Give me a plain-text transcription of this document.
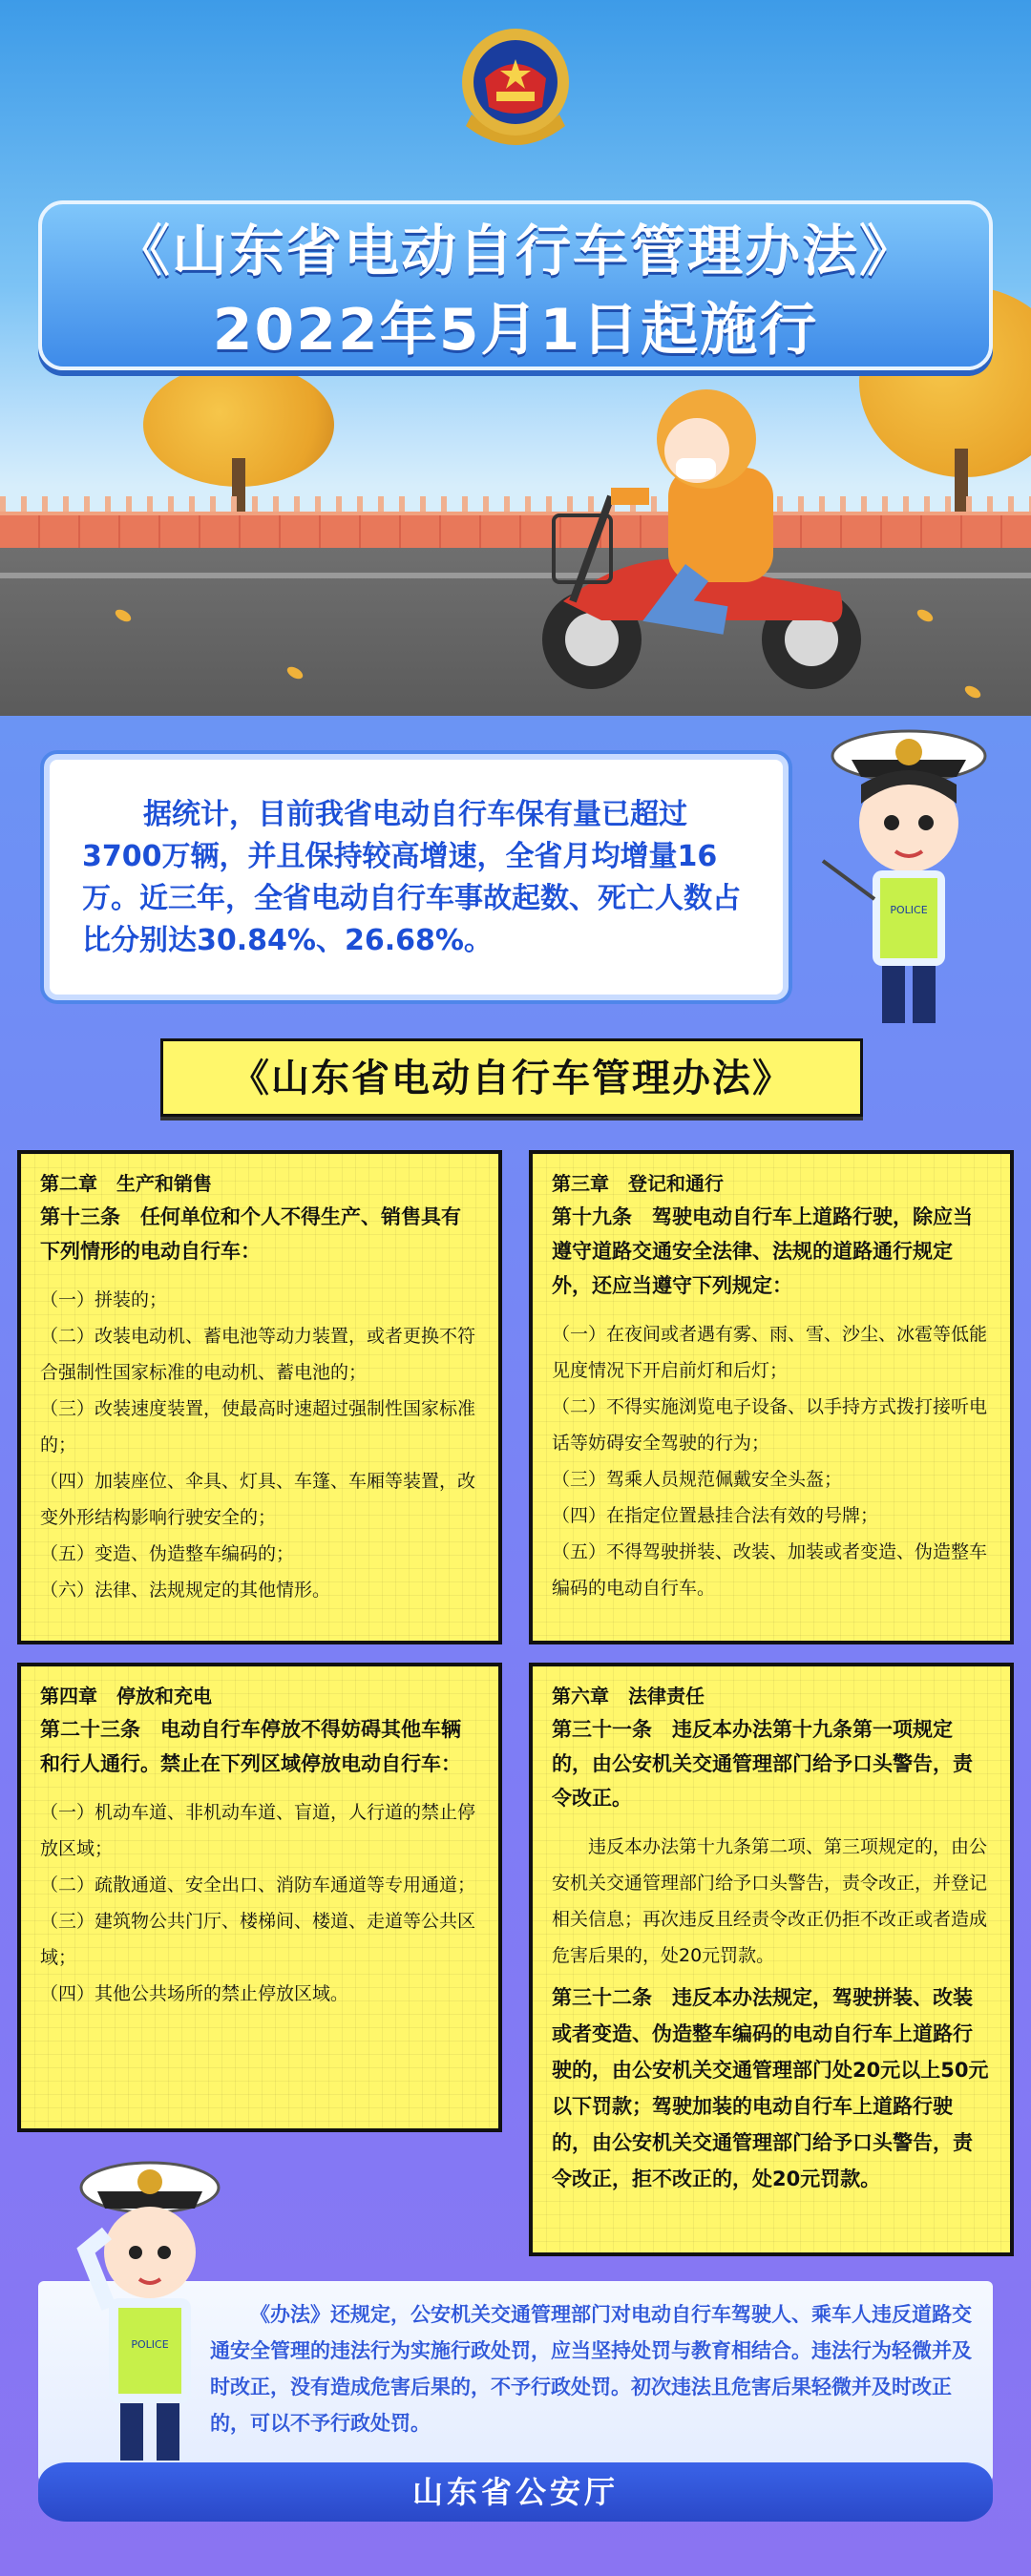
《山东省电动自行车管理办法》
2022年5月1日起施行

据统计，目前我省电动自行车保有量已超过3700万辆，并且保持较高增速，全省月均增量16万。近三年，全省电动自行车事故起数、死亡人数占比分别达30.84%、26.68%。

POLICE
《山东省电动自行车管理办法》
第二章　生产和销售
第十三条　任何单位和个人不得生产、销售具有下列情形的电动自行车：
（一）拼装的；
（二）改装电动机、蓄电池等动力装置，或者更换不符合强制性国家标准的电动机、蓄电池的；
（三）改装速度装置，使最高时速超过强制性国家标准的；
（四）加装座位、伞具、灯具、车篷、车厢等装置，改变外形结构影响行驶安全的；
（五）变造、伪造整车编码的；
（六）法律、法规规定的其他情形。
第三章　登记和通行
第十九条　驾驶电动自行车上道路行驶，除应当遵守道路交通安全法律、法规的道路通行规定外，还应当遵守下列规定：
（一）在夜间或者遇有雾、雨、雪、沙尘、冰雹等低能见度情况下开启前灯和后灯；
（二）不得实施浏览电子设备、以手持方式拨打接听电话等妨碍安全驾驶的行为；
（三）驾乘人员规范佩戴安全头盔；
（四）在指定位置悬挂合法有效的号牌；
（五）不得驾驶拼装、改装、加装或者变造、伪造整车编码的电动自行车。
第四章　停放和充电
第二十三条　电动自行车停放不得妨碍其他车辆和行人通行。禁止在下列区域停放电动自行车：
（一）机动车道、非机动车道、盲道，人行道的禁止停放区域；
（二）疏散通道、安全出口、消防车通道等专用通道；
（三）建筑物公共门厅、楼梯间、楼道、走道等公共区域；
（四）其他公共场所的禁止停放区域。
第六章　法律责任
第三十一条　违反本办法第十九条第一项规定的，由公安机关交通管理部门给予口头警告，责令改正。
违反本办法第十九条第二项、第三项规定的，由公安机关交通管理部门给予口头警告，责令改正，并登记相关信息；再次违反且经责令改正仍拒不改正或者造成危害后果的，处20元罚款。
第三十二条　违反本办法规定，驾驶拼装、改装或者变造、伪造整车编码的电动自行车上道路行驶的，由公安机关交通管理部门处20元以上50元以下罚款；驾驶加装的电动自行车上道路行驶的，由公安机关交通管理部门给予口头警告，责令改正，拒不改正的，处20元罚款。

《办法》还规定，公安机关交通管理部门对电动自行车驾驶人、乘车人违反道路交通安全管理的违法行为实施行政处罚，应当坚持处罚与教育相结合。违法行为轻微并及时改正，没有造成危害后果的，不予行政处罚。初次违法且危害后果轻微并及时改正的，可以不予行政处罚。

POLICE
山东省公安厅
